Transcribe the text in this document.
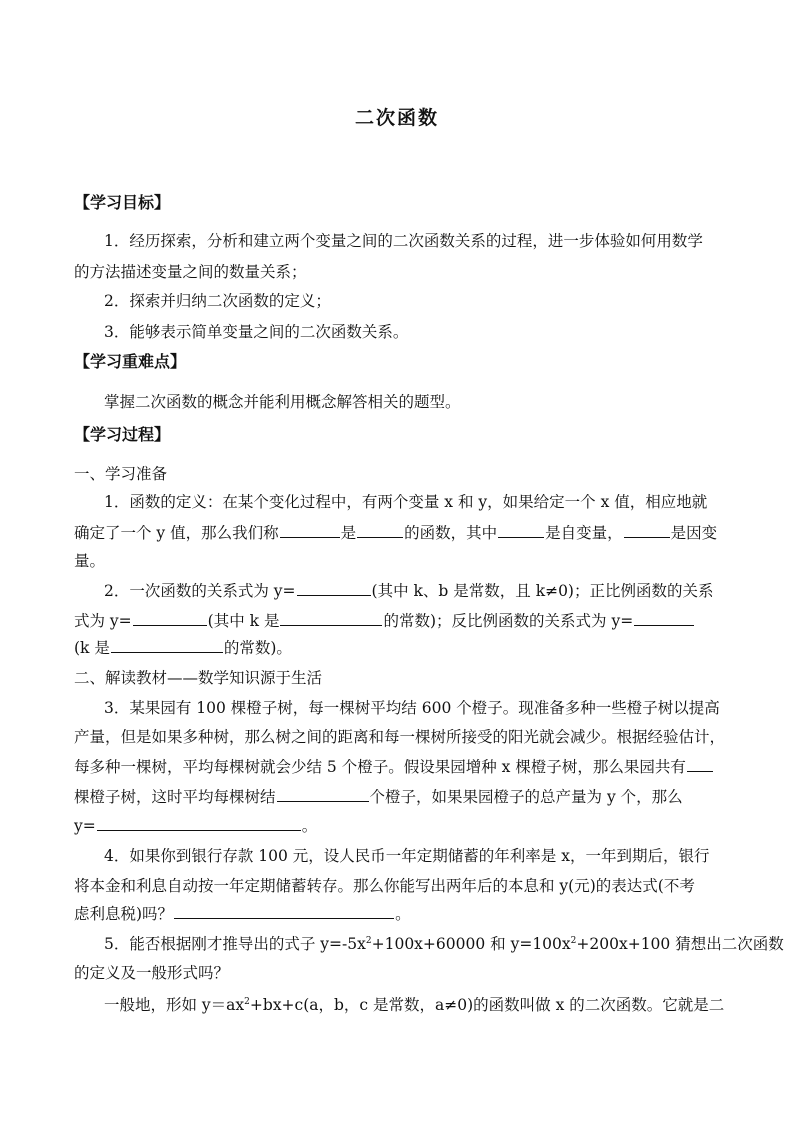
二次函数

【学习目标】

1．经历探索，分析和建立两个变量之间的二次函数关系的过程，进一步体验如何用数学

的方法描述变量之间的数量关系；

2．探索并归纳二次函数的定义；

3．能够表示简单变量之间的二次函数关系。

【学习重难点】

掌握二次函数的概念并能利用概念解答相关的题型。

【学习过程】

一、学习准备

1．函数的定义：在某个变化过程中，有两个变量 x 和 y，如果给定一个 x 值，相应地就

确定了一个 y 值，那么我们称	是	的函数，其中	是自变量，	是因变

量。

2．一次函数的关系式为 y=	(其中 k、b 是常数，且 k≠0)；正比例函数的关系

式为 y=	(其中 k 是	的常数)；反比例函数的关系式为 y=

(k 是	的常数)。

二、解读教材——数学知识源于生活

3．某果园有 100 棵橙子树，每一棵树平均结 600 个橙子。现准备多种一些橙子树以提高

产量，但是如果多种树，那么树之间的距离和每一棵树所接受的阳光就会减少。根据经验估计，

每多种一棵树，平均每棵树就会少结 5 个橙子。假设果园增种 x 棵橙子树，那么果园共有

棵橙子树，这时平均每棵树结	个橙子，如果果园橙子的总产量为 y 个，那么

y=	。

4．如果你到银行存款 100 元，设人民币一年定期储蓄的年利率是 x，一年到期后，银行

将本金和利息自动按一年定期储蓄转存。那么你能写出两年后的本息和 y(元)的表达式(不考

虑利息税)吗？	。

5．能否根据刚才推导出的式子 $y=-5x^2+100x+60000$ 和 $y=100x^2+200x+100$ 猜想出二次函数

的定义及一般形式吗？

一般地，形如 $y=ax^2+bx+c(a$，b，c 是常数，a≠0)的函数叫做 x 的二次函数。它就是二
